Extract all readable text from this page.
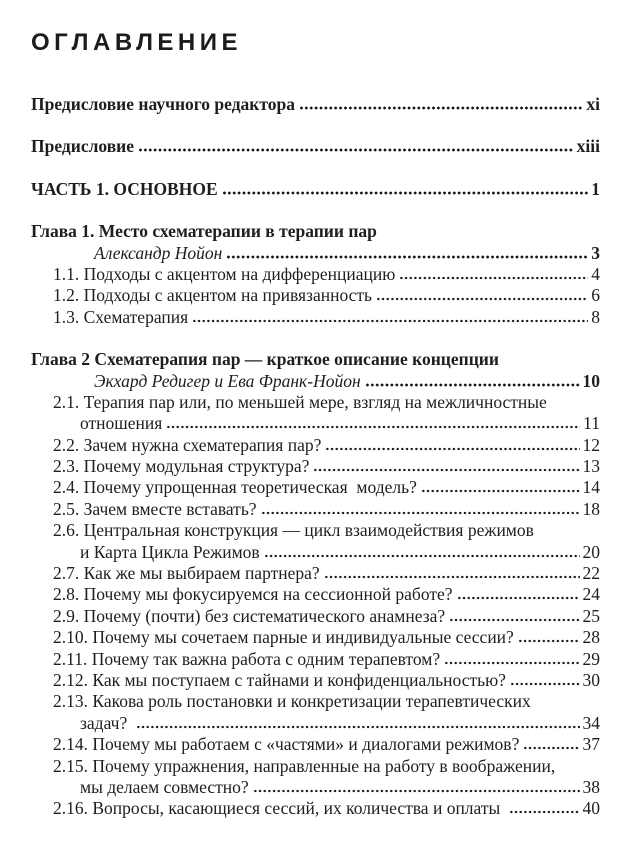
ОГЛАВЛЕНИЕ
Предисловие научного редактора	xi
Предисловие	xiii
ЧАСТЬ 1. ОСНОВНОЕ	1
Глава 1. Место схематерапии в терапии пар
Александр Нойон	3
1.1. Подходы с акцентом на дифференциацию	4
1.2. Подходы с акцентом на привязанность	6
1.3. Схематерапия	8
Глава 2 Схематерапия пар — краткое описание концепции
Экхард Редигер и Ева Франк-Нойон	10
2.1. Терапия пар или, по меньшей мере, взгляд на межличностные
отношения	11
2.2. Зачем нужна схематерапия пар?	12
2.3. Почему модульная структура?	13
2.4. Почему упрощенная теоретическая  модель?	14
2.5. Зачем вместе вставать?	18
2.6. Центральная конструкция — цикл взаимодействия режимов
и Карта Цикла Режимов	20
2.7. Как же мы выбираем партнера?	22
2.8. Почему мы фокусируемся на сессионной работе?	24
2.9. Почему (почти) без систематического анамнеза?	25
2.10. Почему мы сочетаем парные и индивидуальные сессии?	28
2.11. Почему так важна работа с одним терапевтом?	29
2.12. Как мы поступаем с тайнами и конфиденциальностью?	30
2.13. Какова роль постановки и конкретизации терапевтических
задач?	34
2.14. Почему мы работаем с «частями» и диалогами режимов?	37
2.15. Почему упражнения, направленные на работу в воображении,
мы делаем совместно?	38
2.16. Вопросы, касающиеся сессий, их количества и оплаты	40
